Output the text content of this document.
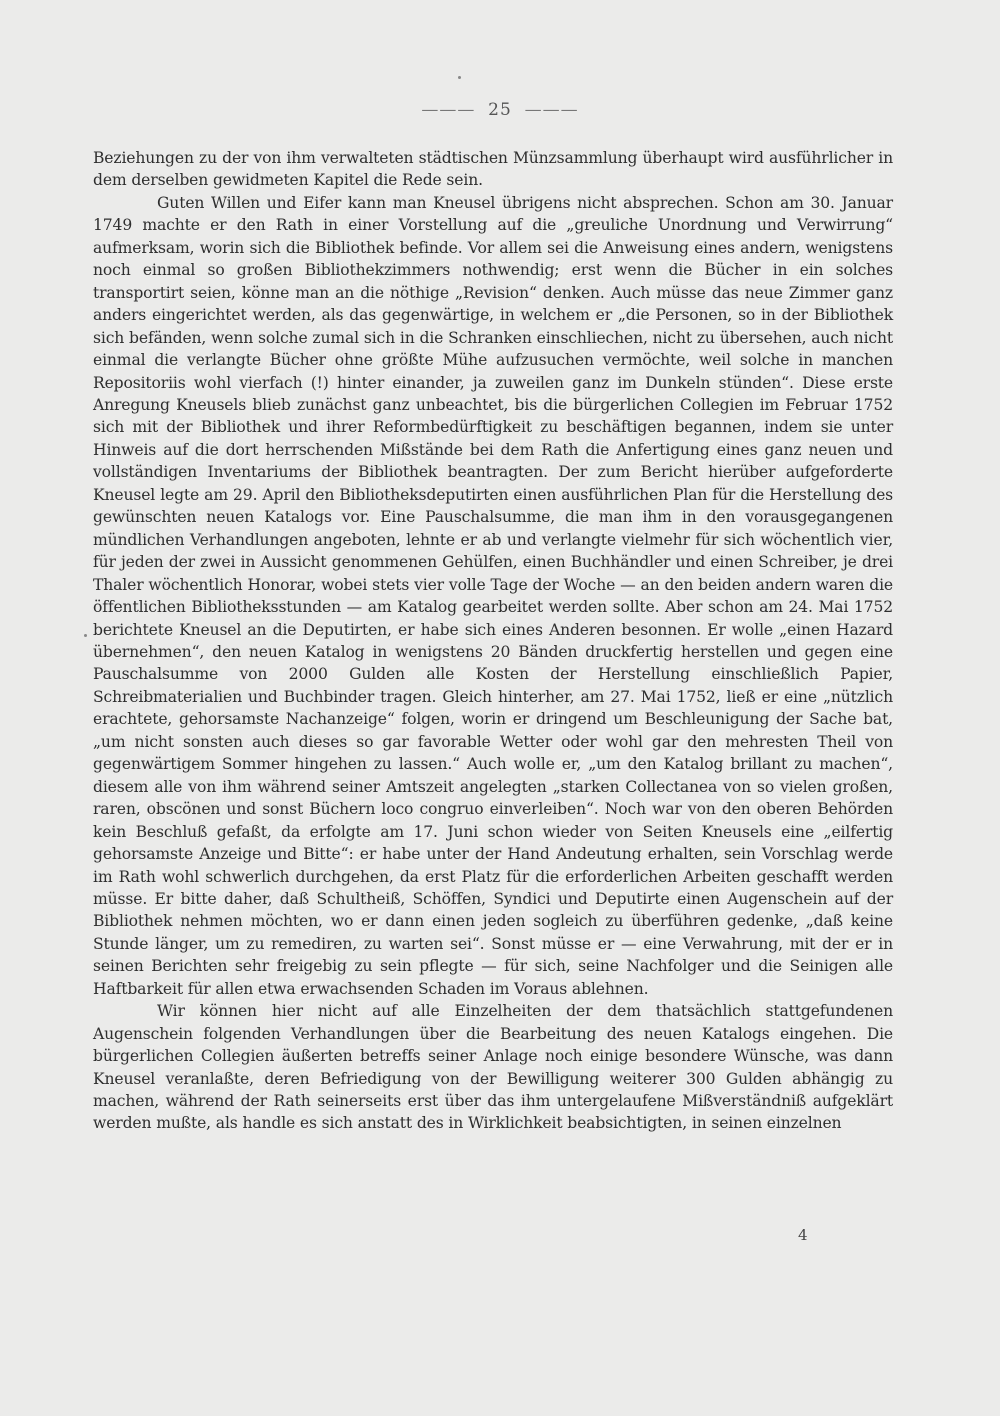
——— 25 ———

Beziehungen zu der von ihm verwalteten städtischen Münzsammlung überhaupt wird ausführlicher in dem derselben gewidmeten Kapitel die Rede sein.

Guten Willen und Eifer kann man Kneusel übrigens nicht absprechen. Schon am 30. Januar 1749 machte er den Rath in einer Vorstellung auf die „greuliche Unordnung und Verwirrung“ aufmerksam, worin sich die Bibliothek befinde. Vor allem sei die Anweisung eines andern, wenigstens noch einmal so großen Bibliothekzimmers nothwendig; erst wenn die Bücher in ein solches transportirt seien, könne man an die nöthige „Revision“ denken. Auch müsse das neue Zimmer ganz anders eingerichtet werden, als das gegenwärtige, in welchem er „die Personen, so in der Bibliothek sich befänden, wenn solche zumal sich in die Schranken einschliechen, nicht zu übersehen, auch nicht einmal die verlangte Bücher ohne größte Mühe aufzusuchen vermöchte, weil solche in manchen Repositoriis wohl vierfach (!) hinter einander, ja zuweilen ganz im Dunkeln stünden“. Diese erste Anregung Kneusels blieb zunächst ganz unbeachtet, bis die bürgerlichen Collegien im Februar 1752 sich mit der Bibliothek und ihrer Reformbedürftigkeit zu beschäftigen begannen, indem sie unter Hinweis auf die dort herrschenden Mißstände bei dem Rath die Anfertigung eines ganz neuen und vollständigen Inventariums der Bibliothek beantragten. Der zum Bericht hierüber aufgeforderte Kneusel legte am 29. April den Bibliotheksdeputirten einen ausführlichen Plan für die Herstellung des gewünschten neuen Katalogs vor. Eine Pauschalsumme, die man ihm in den vorausgegangenen mündlichen Verhandlungen angeboten, lehnte er ab und verlangte vielmehr für sich wöchentlich vier, für jeden der zwei in Aussicht genommenen Gehülfen, einen Buchhändler und einen Schreiber, je drei Thaler wöchentlich Honorar, wobei stets vier volle Tage der Woche — an den beiden andern waren die öffentlichen Bibliotheksstunden — am Katalog gearbeitet werden sollte. Aber schon am 24. Mai 1752 berichtete Kneusel an die Deputirten, er habe sich eines Anderen besonnen. Er wolle „einen Hazard übernehmen“, den neuen Katalog in wenigstens 20 Bänden druckfertig herstellen und gegen eine Pauschalsumme von 2000 Gulden alle Kosten der Herstellung einschließlich Papier, Schreibmaterialien und Buchbinder tragen. Gleich hinterher, am 27. Mai 1752, ließ er eine „nützlich erachtete, gehorsamste Nachanzeige“ folgen, worin er dringend um Beschleunigung der Sache bat, „um nicht sonsten auch dieses so gar favorable Wetter oder wohl gar den mehresten Theil von gegenwärtigem Sommer hingehen zu lassen.“ Auch wolle er, „um den Katalog brillant zu machen“, diesem alle von ihm während seiner Amtszeit angelegten „starken Collectanea von so vielen großen, raren, obscönen und sonst Büchern loco congruo einverleiben“. Noch war von den oberen Behörden kein Beschluß gefaßt, da erfolgte am 17. Juni schon wieder von Seiten Kneusels eine „eilfertig gehorsamste Anzeige und Bitte“: er habe unter der Hand Andeutung erhalten, sein Vorschlag werde im Rath wohl schwerlich durchgehen, da erst Platz für die erforderlichen Arbeiten geschafft werden müsse. Er bitte daher, daß Schultheiß, Schöffen, Syndici und Deputirte einen Augenschein auf der Bibliothek nehmen möchten, wo er dann einen jeden sogleich zu überführen gedenke, „daß keine Stunde länger, um zu remediren, zu warten sei“. Sonst müsse er — eine Verwahrung, mit der er in seinen Berichten sehr freigebig zu sein pflegte — für sich, seine Nachfolger und die Seinigen alle Haftbarkeit für allen etwa erwachsenden Schaden im Voraus ablehnen.

Wir können hier nicht auf alle Einzelheiten der dem thatsächlich stattgefundenen Augenschein folgenden Verhandlungen über die Bearbeitung des neuen Katalogs eingehen. Die bürgerlichen Collegien äußerten betreffs seiner Anlage noch einige besondere Wünsche, was dann Kneusel veranlaßte, deren Befriedigung von der Bewilligung weiterer 300 Gulden abhängig zu machen, während der Rath seinerseits erst über das ihm untergelaufene Mißverständniß aufgeklärt werden mußte, als handle es sich anstatt des in Wirklichkeit beabsichtigten, in seinen einzelnen

4
